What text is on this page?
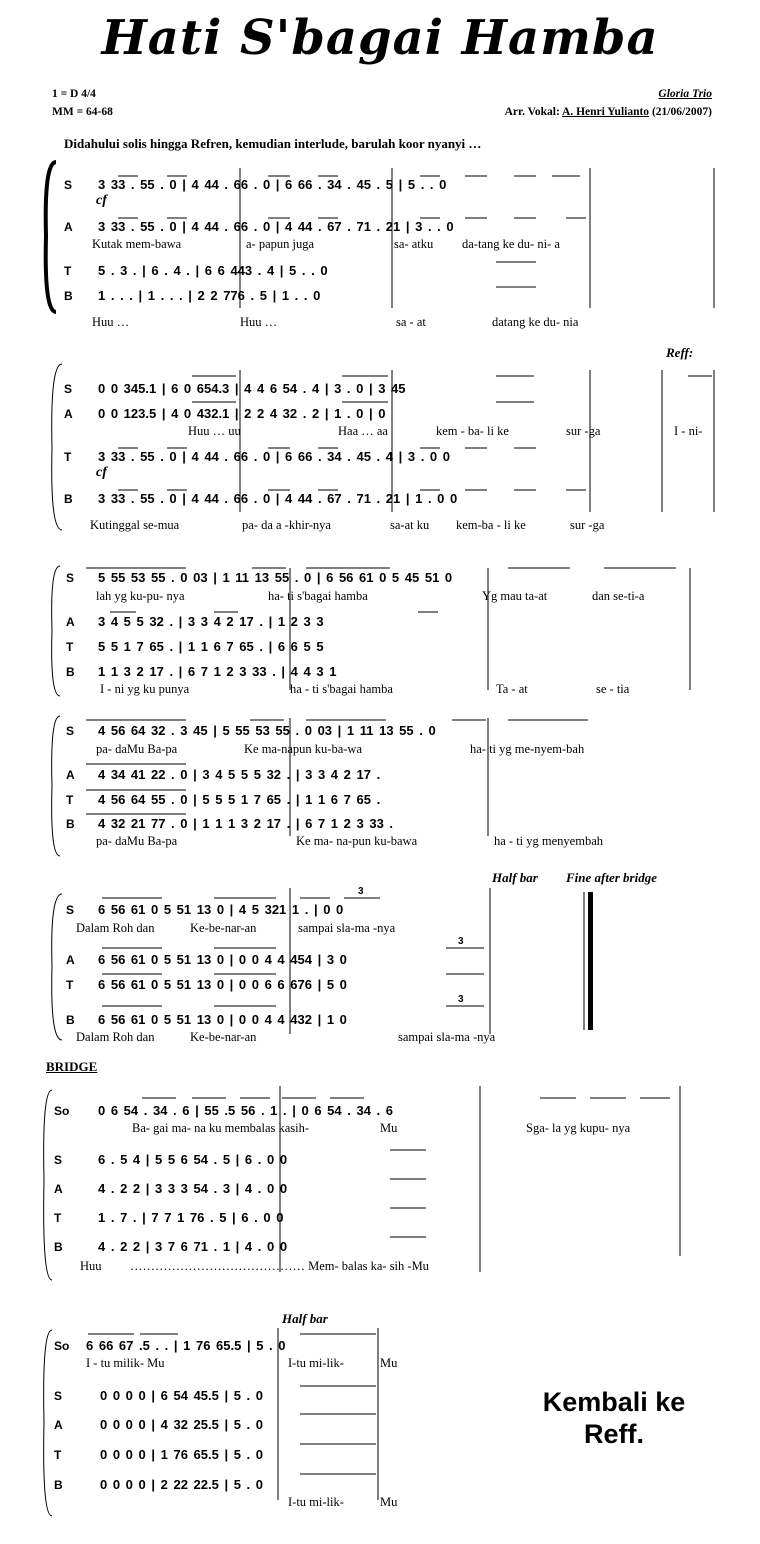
Hati S'bagai Hamba
1 = D 4/4
MM = 64-68
Gloria Trio
Arr. Vokal: A. Henri Yulianto (21/06/2007)
Didahului solis hingga Refren, kemudian interlude, barulah koor nyanyi …
S 3 33 . 55 . 0 | 4 44 . 66 . 0 | 6 66 . 34 . 45 . 5 | 5 . . 0
cf
A 3 33 . 55 . 0 | 4 44 . 66 . 0 | 4 44 . 67 . 71 . 21 | 3 . . 0
Kutak mem-bawa	a- papun juga	sa- atku da-tang ke du- ni- a
T 5 . 3 . | 6 . 4 . | 6 6 443 . 4 | 5 . . 0
B 1 . . . | 1 . . . | 2 2 776 . 5 | 1 . . 0
Huu …	Huu …	sa - at	datang ke du- nia
Reff:
S 0 0 345.1 | 6 0 654.3 | 4 4 6 54 . 4 | 3 . 0 | 3 45
A 0 0 123.5 | 4 0 432.1 | 2 2 4 32 . 2 | 1 . 0 | 0
Huu … uu	Haa … aa	kem - ba- li ke	sur -ga	I - ni-
T 3 33 . 55 . 0 | 4 44 . 66 . 0 | 6 66 . 34 . 45 . 4 | 3 . 0 0
cf
B 3 33 . 55 . 0 | 4 44 . 66 . 0 | 4 44 . 67 . 71 . 21 | 1 . 0 0
Kutinggal se-mua	pa- da a -khir-nya	sa-at ku kem-ba - li ke	sur -ga
S 5 55 53 55 . 0 03 | 1 11 13 55 . 0 | 6 56 61 0 5 45 51 0
lah yg ku-pu- nya	ha- ti s'bagai hamba	Yg mau ta-at	dan se-ti-a
A 3 4 5 5 32 . | 3 3 4 2 17 . | 1 2 3 3
T 5 5 1 7 65 . | 1 1 6 7 65 . | 6 6 5 5
B 1 1 3 2 17 . | 6 7 1 2 3 33 . | 4 4 3 1
I - ni yg ku punya	ha - ti s'bagai hamba	Ta - at	se - tia
S 4 56 64 32 . 3 45 | 5 55 53 55 . 0 03 | 1 11 13 55 . 0
pa- daMu Ba-pa	Ke ma-napun ku-ba-wa	ha- ti yg me-nyem-bah
A 4 34 41 22 . 0 | 3 4 5 5 5 32 . | 3 3 4 2 17 .
T 4 56 64 55 . 0 | 5 5 5 1 7 65 . | 1 1 6 7 65 .
B 4 32 21 77 . 0 | 1 1 1 3 2 17 . | 6 7 1 2 3 33 .
pa- daMu Ba-pa	Ke ma- na-pun ku-bawa	ha - ti yg menyembah
Half bar Fine after bridge
3
S 6 56 61 0 5 51 13 0 | 4 5 321 1 . | 0 0
Dalam Roh dan	Ke-be-nar-an	sampai sla-ma -nya
3
A 6 56 61 0 5 51 13 0 | 0 0 4 4 454 | 3 0
T 6 56 61 0 5 51 13 0 | 0 0 6 6 676 | 5 0
3
B 6 56 61 0 5 51 13 0 | 0 0 4 4 432 | 1 0
Dalam Roh dan	Ke-be-nar-an	sampai sla-ma -nya
BRIDGE
So 0 6 54 . 34 . 6 | 55 .5 56 . 1 . | 0 6 54 . 34 . 6
Ba- gai ma- na ku membalas kasih-	Mu	Sga- la yg kupu- nya
S	6 . 5 4 | 5 5 6 54 . 5 | 6 . 0 0
A	4 . 2 2 | 3 3 3 54 . 3 | 4 . 0 0
T	1 . 7 . | 7 7 1 76 . 5 | 6 . 0 0
B	4 . 2 2 | 3 7 6 71 . 1 | 4 . 0 0
Huu …………………………………… Mem- balas ka- sih -Mu
Half bar
So 6 66 67 .5 . . | 1 76 65.5 | 5 . 0
I - tu milik- Mu	I-tu mi-lik-	Mu
S	0 0 0 0 | 6 54 45.5 | 5 . 0
A	0 0 0 0 | 4 32 25.5 | 5 . 0
T	0 0 0 0 | 1 76 65.5 | 5 . 0
B	0 0 0 0 | 2 22 22.5 | 5 . 0
I-tu mi-lik-	Mu
Kembali ke
Reff.
